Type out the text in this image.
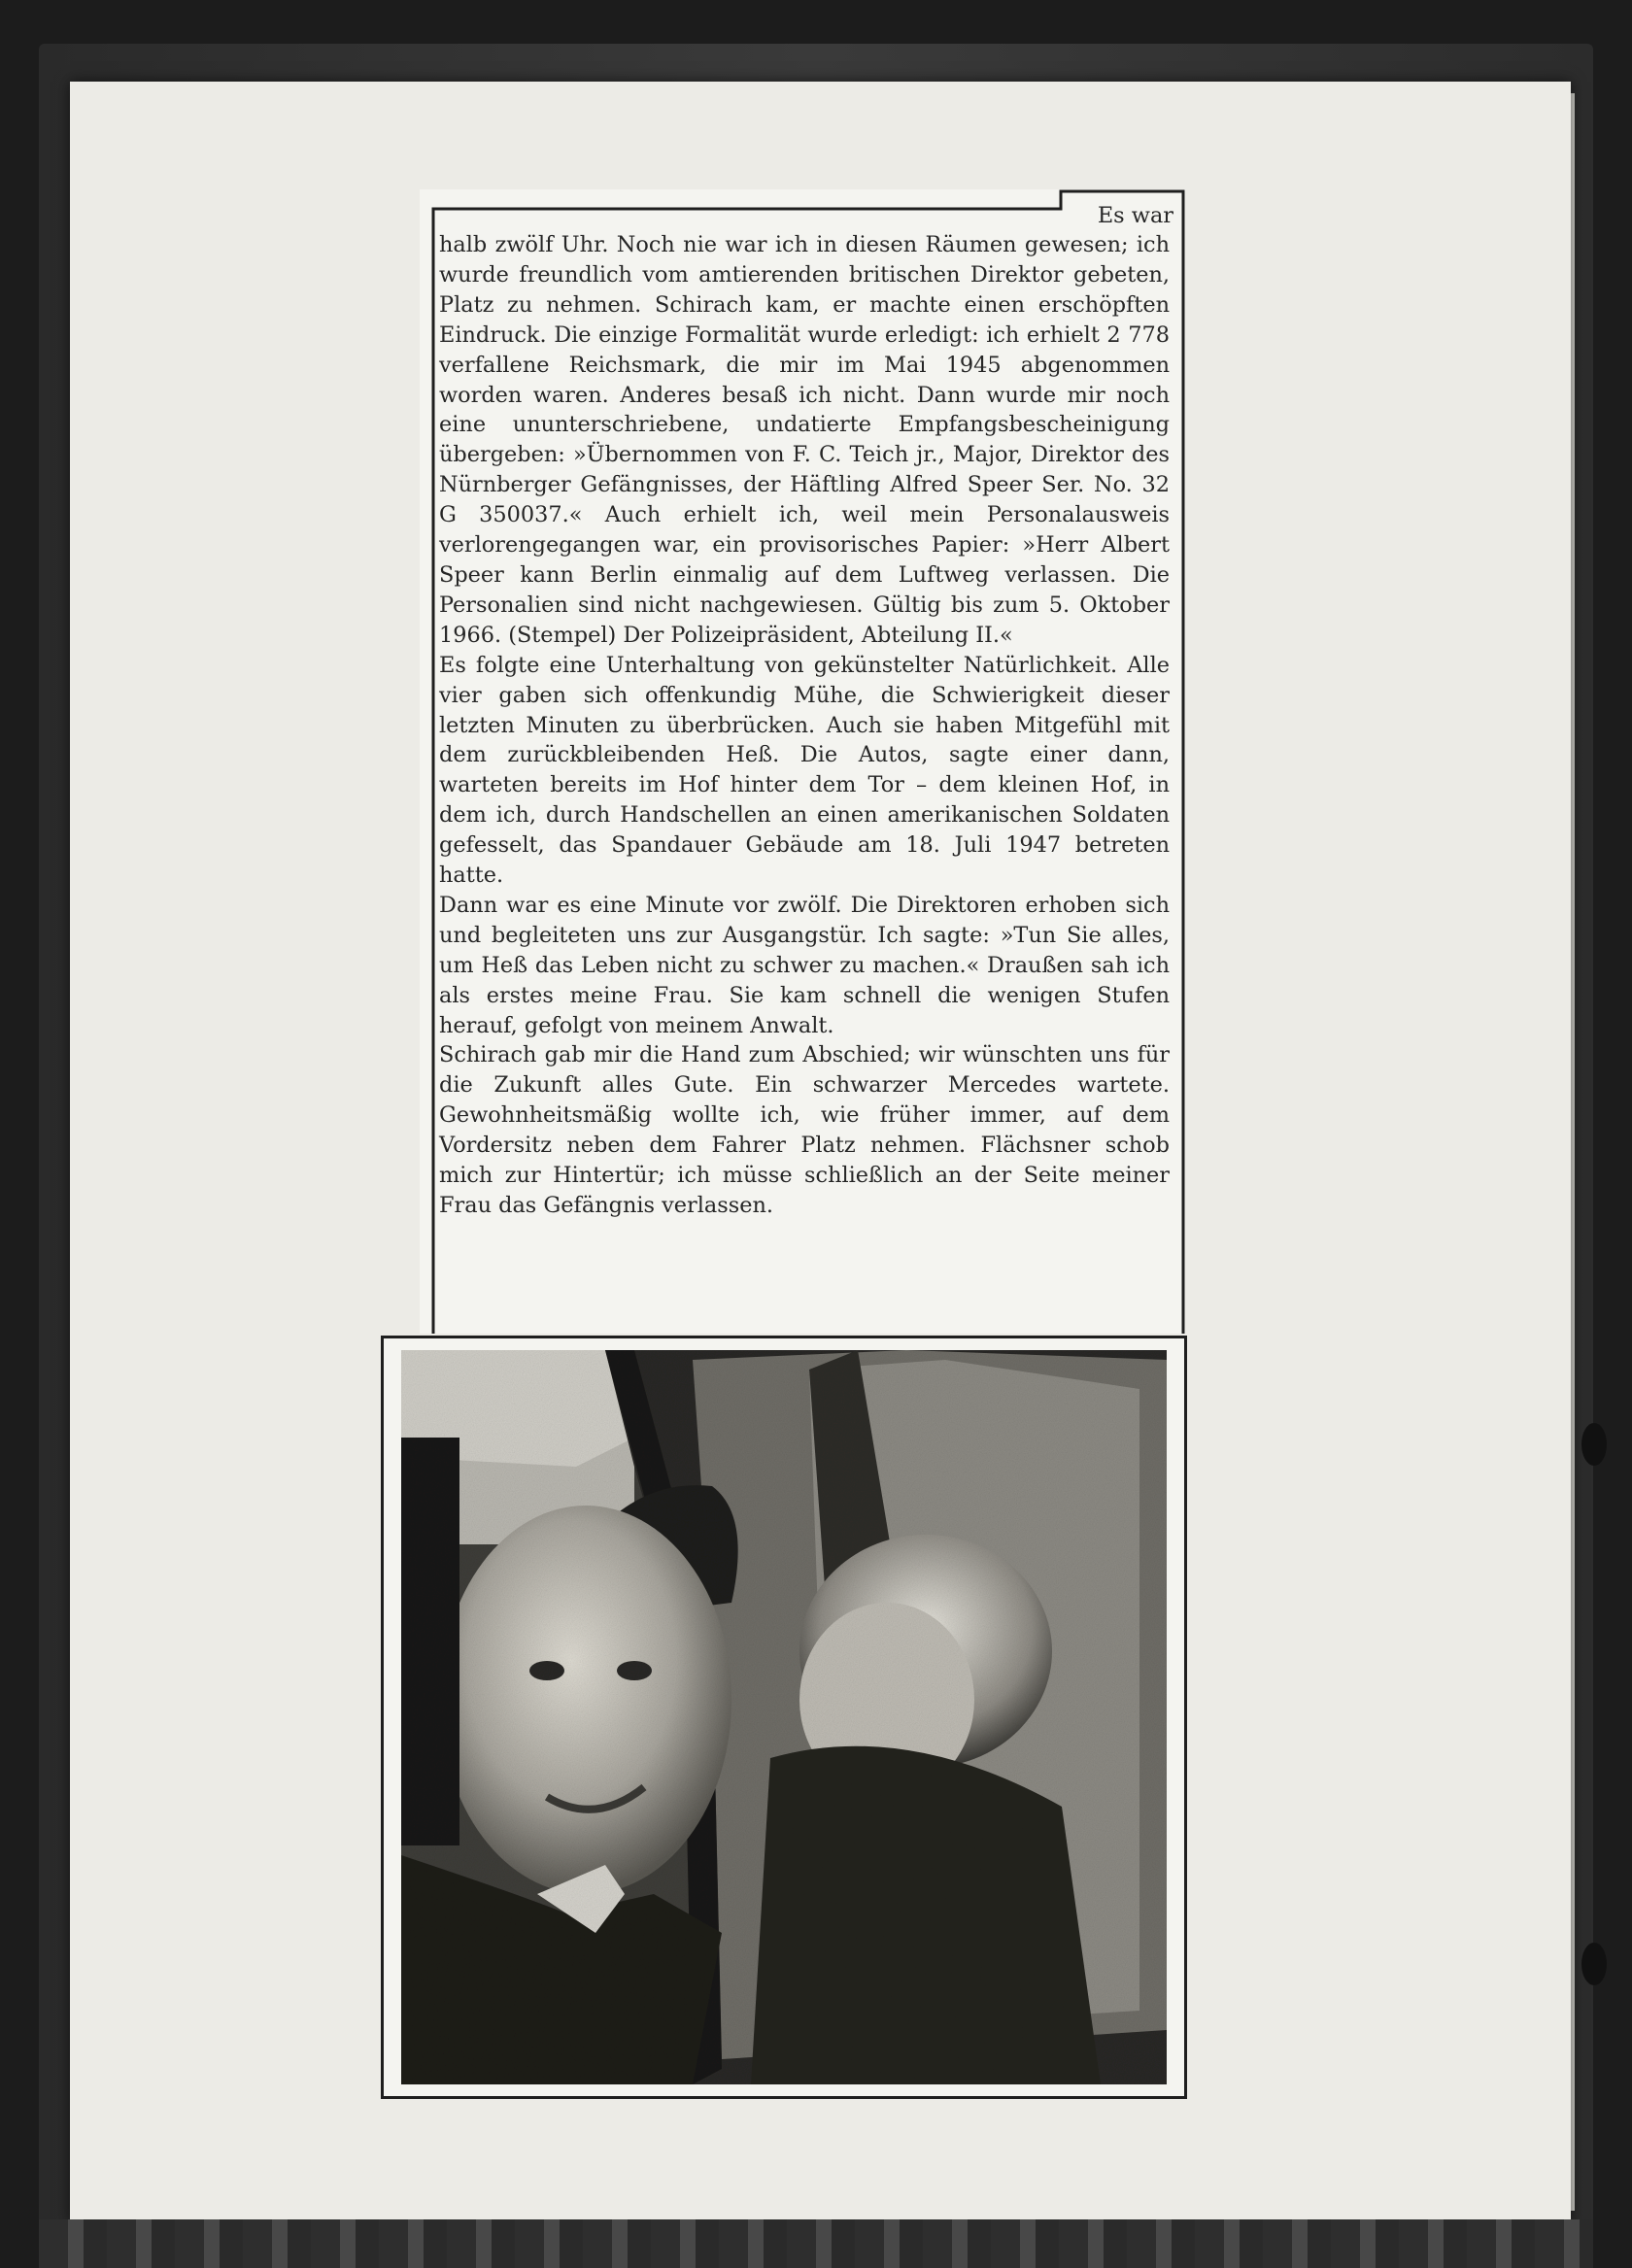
Es war

halb zwölf Uhr. Noch nie war ich in diesen Räumen gewesen; ich wurde freundlich vom amtierenden britischen Direktor gebeten, Platz zu nehmen. Schirach kam, er machte einen erschöpften Eindruck. Die einzige Formalität wurde erledigt: ich erhielt 2 778 verfallene Reichsmark, die mir im Mai 1945 abgenommen worden waren. Anderes besaß ich nicht. Dann wurde mir noch eine ununterschriebene, undatierte Empfangsbescheinigung übergeben: »Übernommen von F. C. Teich jr., Major, Direktor des Nürnberger Gefängnisses, der Häftling Alfred Speer Ser. No. 32 G 350037.« Auch erhielt ich, weil mein Personalausweis verlorengegangen war, ein provisorisches Papier: »Herr Albert Speer kann Berlin einmalig auf dem Luftweg verlassen. Die Personalien sind nicht nachgewiesen. Gültig bis zum 5. Oktober 1966. (Stempel) Der Polizeipräsident, Abteilung II.«

Es folgte eine Unterhaltung von gekünstelter Natürlichkeit. Alle vier gaben sich offenkundig Mühe, die Schwierigkeit dieser letzten Minuten zu überbrücken. Auch sie haben Mitgefühl mit dem zurückbleibenden Heß. Die Autos, sagte einer dann, warteten bereits im Hof hinter dem Tor – dem kleinen Hof, in dem ich, durch Handschellen an einen amerikanischen Soldaten gefesselt, das Spandauer Gebäude am 18. Juli 1947 betreten hatte.

Dann war es eine Minute vor zwölf. Die Direktoren erhoben sich und begleiteten uns zur Ausgangstür. Ich sagte: »Tun Sie alles, um Heß das Leben nicht zu schwer zu machen.« Draußen sah ich als erstes meine Frau. Sie kam schnell die wenigen Stufen herauf, gefolgt von meinem Anwalt.

Schirach gab mir die Hand zum Abschied; wir wünschten uns für die Zukunft alles Gute. Ein schwarzer Mercedes wartete. Gewohnheitsmäßig wollte ich, wie früher immer, auf dem Vordersitz neben dem Fahrer Platz nehmen. Flächsner schob mich zur Hintertür; ich müsse schließlich an der Seite meiner Frau das Gefängnis verlassen.
